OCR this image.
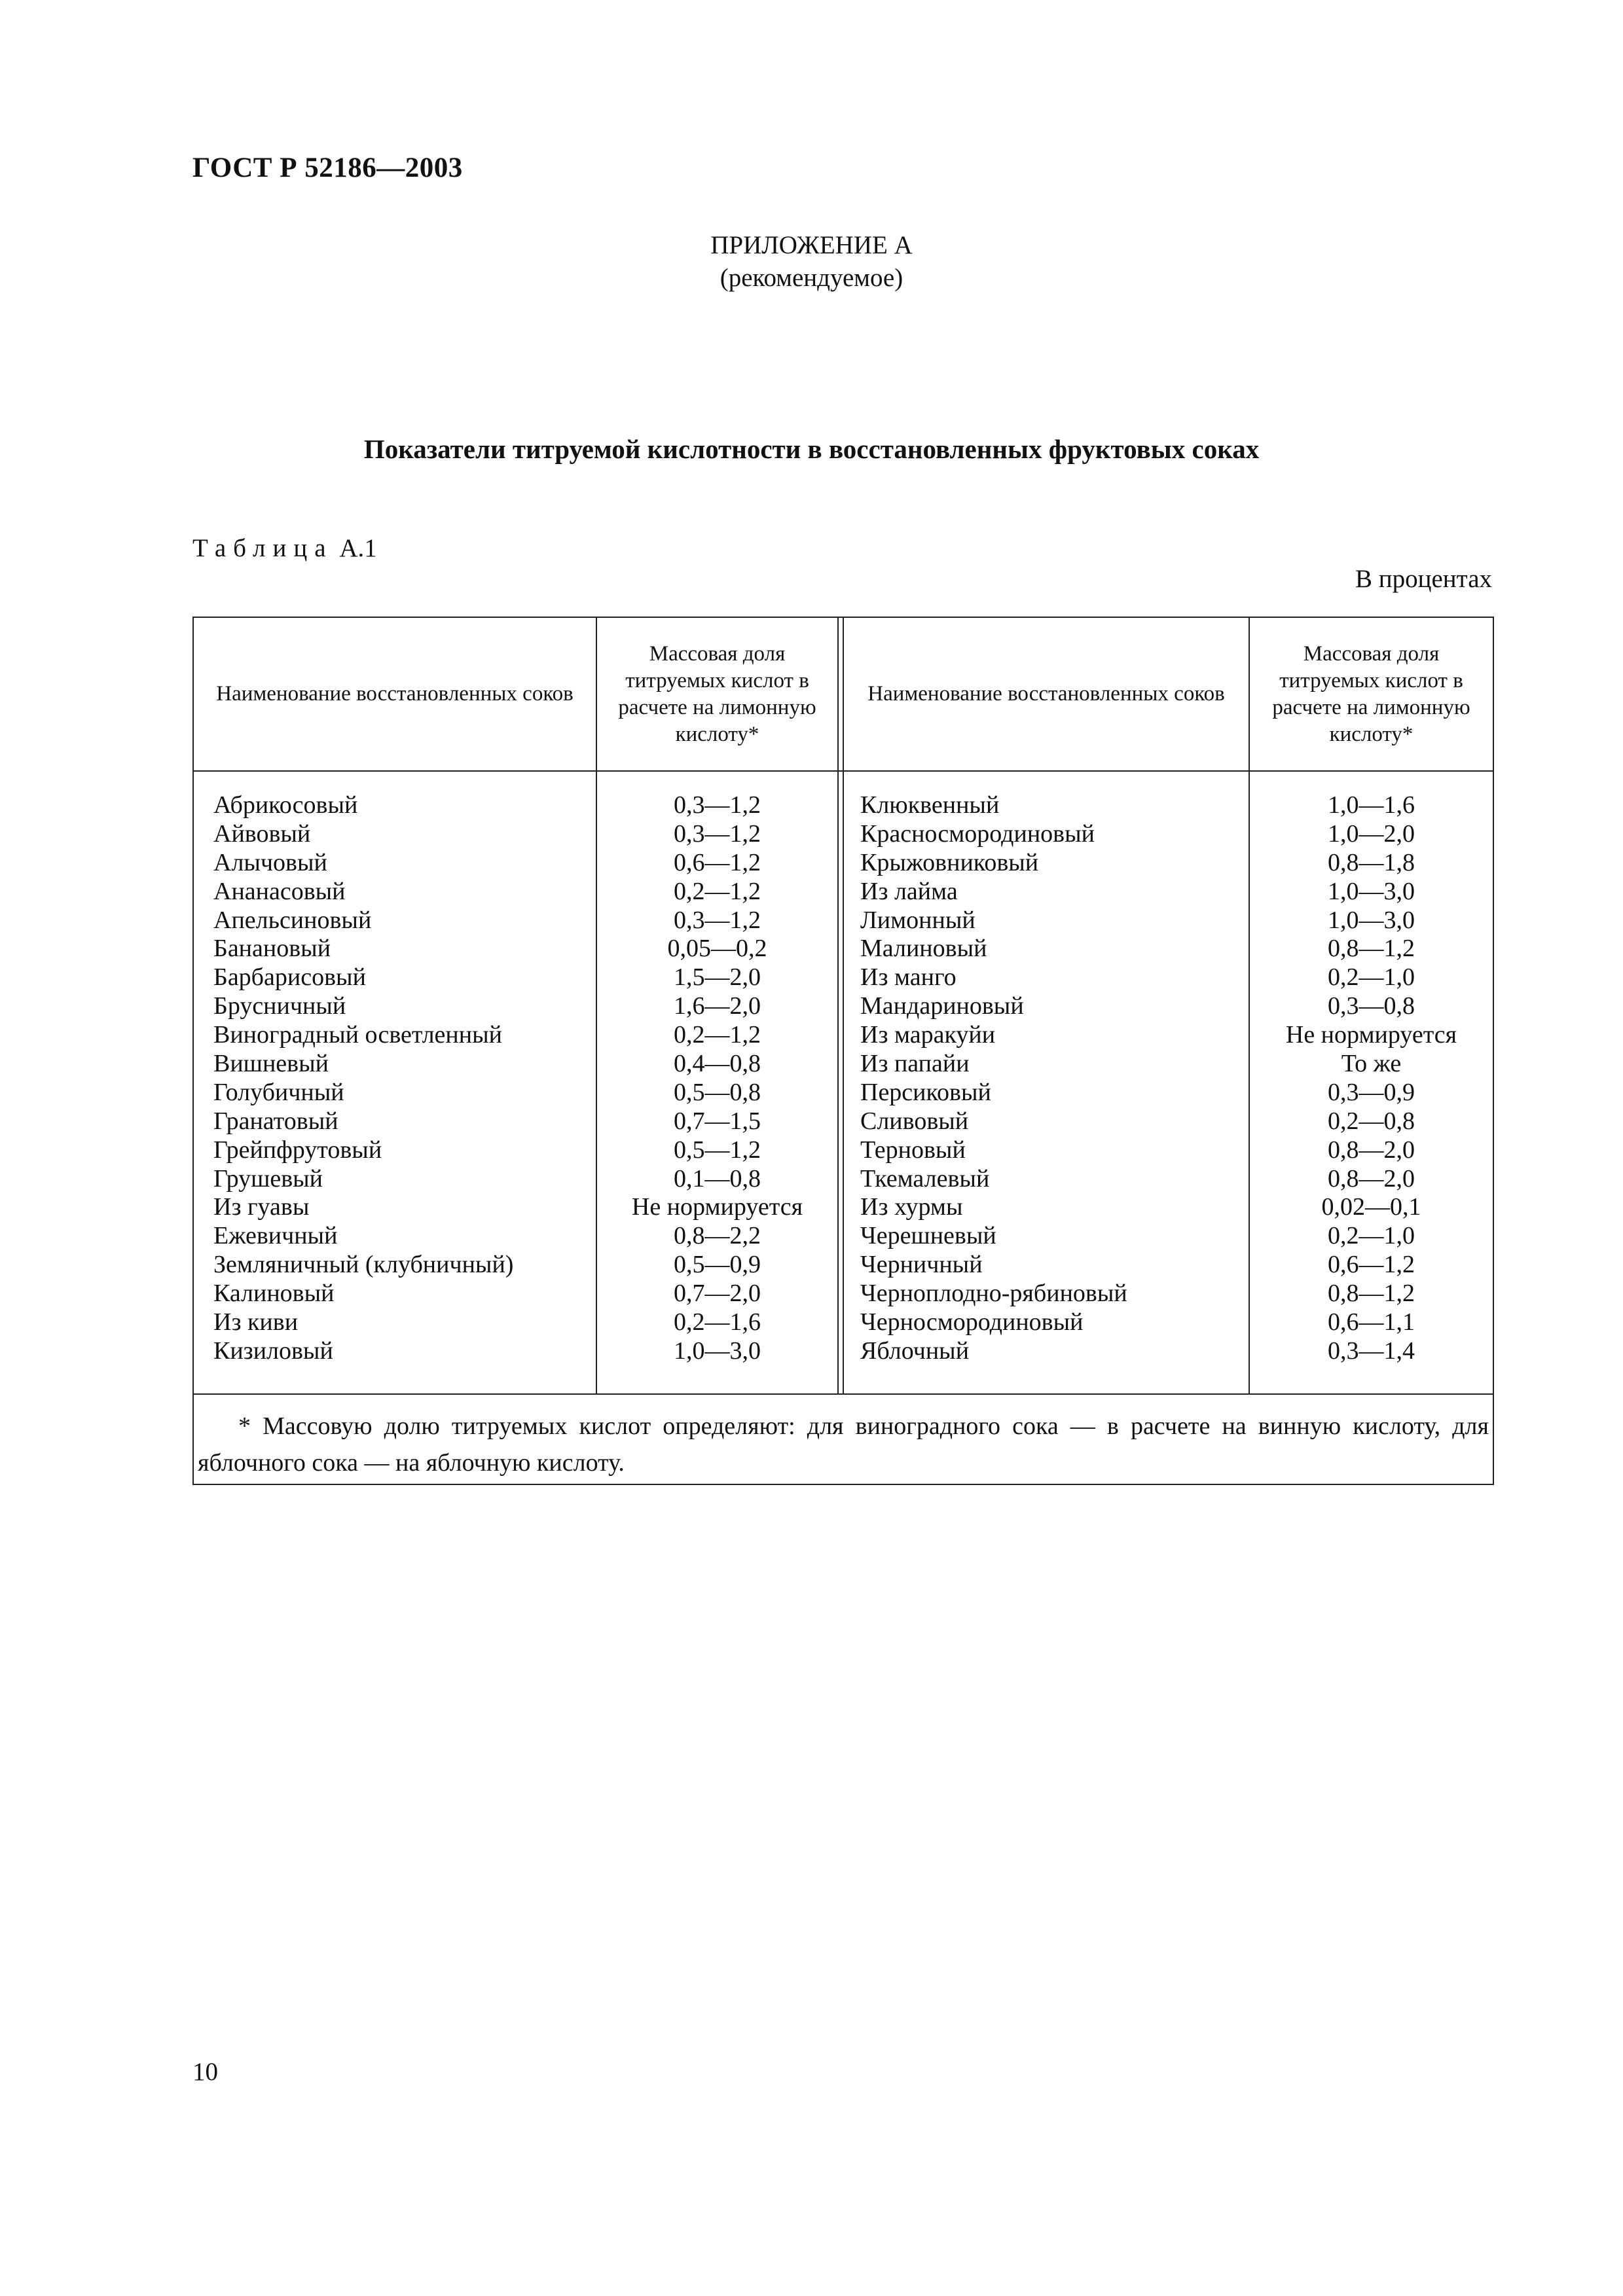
ГОСТ Р 52186—2003
ПРИЛОЖЕНИЕ А
(рекомендуемое)
Показатели титруемой кислотности в восстановленных фруктовых соках
Таблица А.1
В процентах
Наименование восстановленных соков
Массовая доля титруемых кислот в расчете на лимонную кислоту*
Наименование восстановленных соков
Массовая доля титруемых кислот в расчете на лимонную кислоту*
Абрикосовый
Айвовый
Алычовый
Ананасовый
Апельсиновый
Банановый
Барбарисовый
Брусничный
Виноградный осветленный
Вишневый
Голубичный
Гранатовый
Грейпфрутовый
Грушевый
Из гуавы
Ежевичный
Земляничный (клубничный)
Калиновый
Из киви
Кизиловый
0,3—1,2
0,3—1,2
0,6—1,2
0,2—1,2
0,3—1,2
0,05—0,2
1,5—2,0
1,6—2,0
0,2—1,2
0,4—0,8
0,5—0,8
0,7—1,5
0,5—1,2
0,1—0,8
Не нормируется
0,8—2,2
0,5—0,9
0,7—2,0
0,2—1,6
1,0—3,0
Клюквенный
Красносмородиновый
Крыжовниковый
Из лайма
Лимонный
Малиновый
Из манго
Мандариновый
Из маракуйи
Из папайи
Персиковый
Сливовый
Терновый
Ткемалевый
Из хурмы
Черешневый
Черничный
Черноплодно-рябиновый
Черносмородиновый
Яблочный
1,0—1,6
1,0—2,0
0,8—1,8
1,0—3,0
1,0—3,0
0,8—1,2
0,2—1,0
0,3—0,8
Не нормируется
То же
0,3—0,9
0,2—0,8
0,8—2,0
0,8—2,0
0,02—0,1
0,2—1,0
0,6—1,2
0,8—1,2
0,6—1,1
0,3—1,4
* Массовую долю титруемых кислот определяют: для виноградного сока — в расчете на винную кислоту, для яблочного сока — на яблочную кислоту.
10
